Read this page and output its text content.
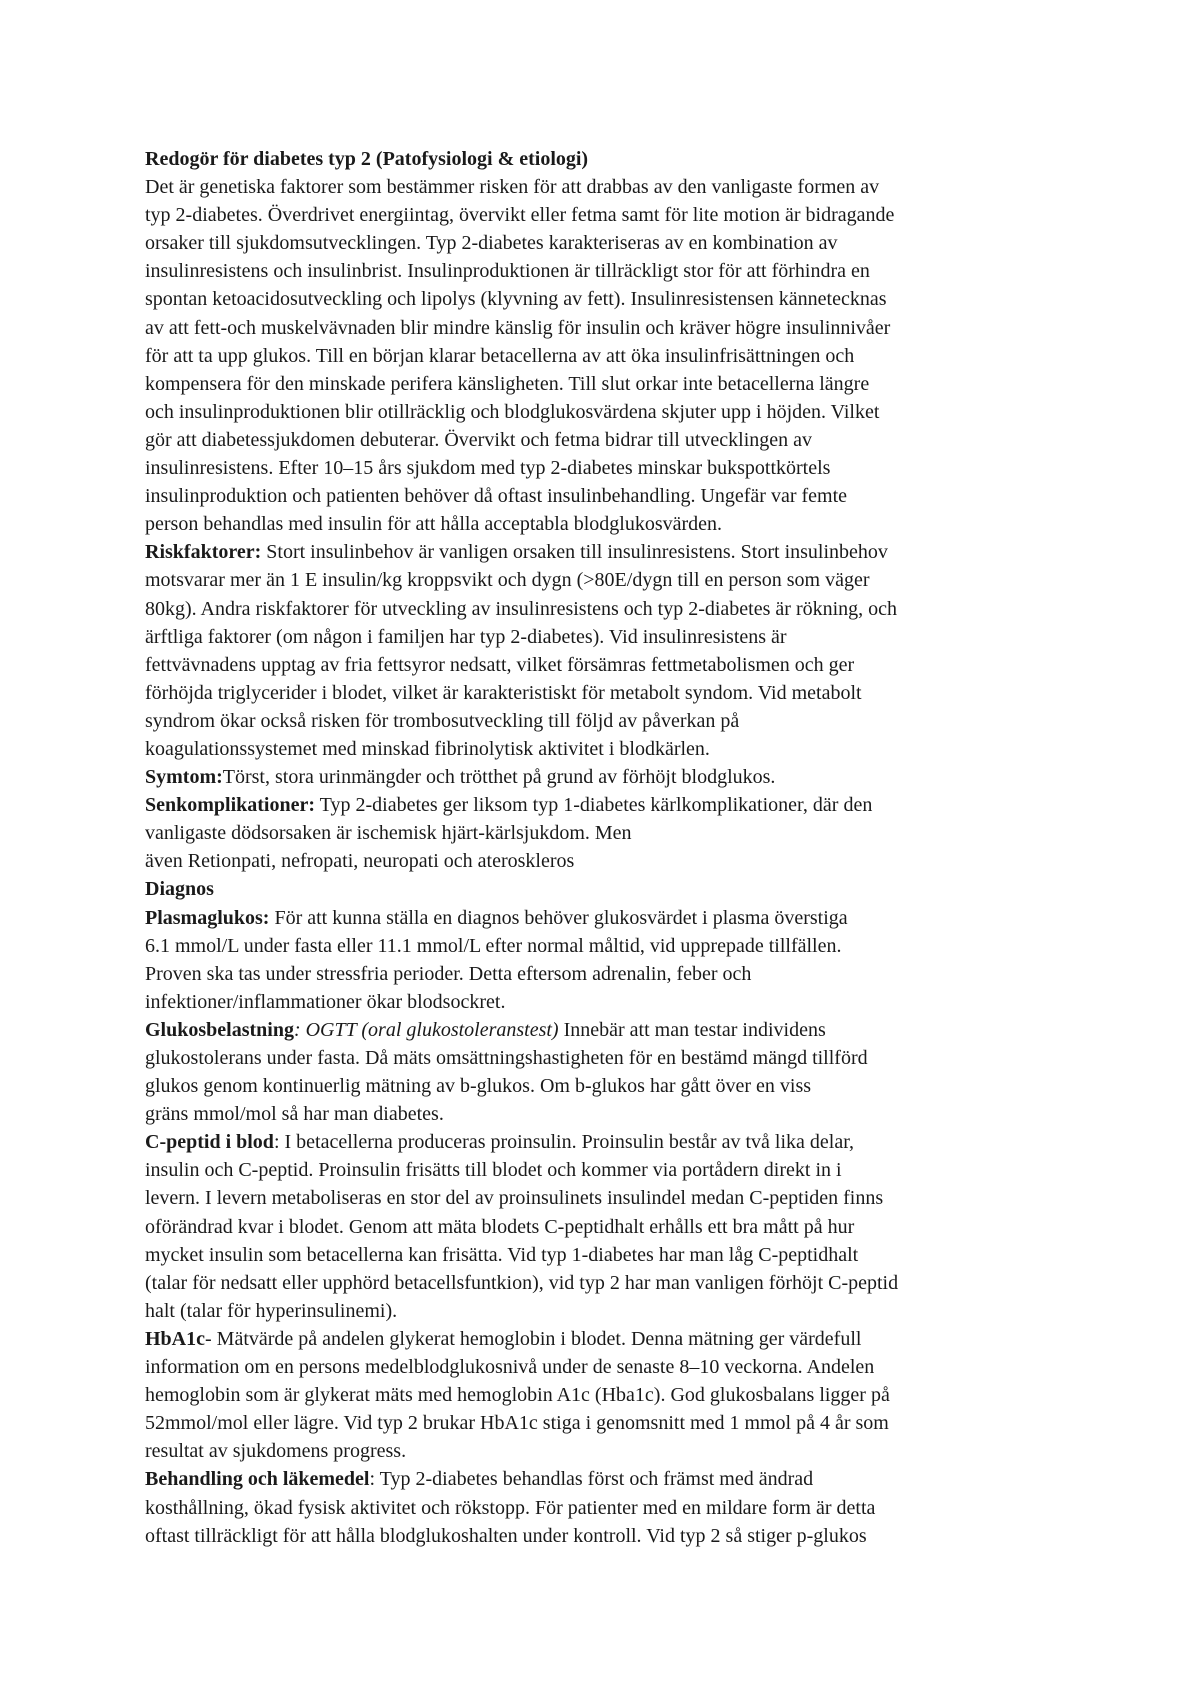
Redogör för diabetes typ 2 (Patofysiologi & etiologi)
Det är genetiska faktorer som bestämmer risken för att drabbas av den vanligaste formen av
typ 2-diabetes. Överdrivet energiintag, övervikt eller fetma samt för lite motion är bidragande
orsaker till sjukdomsutvecklingen. Typ 2-diabetes karakteriseras av en kombination av
insulinresistens och insulinbrist. Insulinproduktionen är tillräckligt stor för att förhindra en
spontan ketoacidosutveckling och lipolys (klyvning av fett). Insulinresistensen kännetecknas
av att fett-och muskelvävnaden blir mindre känslig för insulin och kräver högre insulinnivåer
för att ta upp glukos. Till en början klarar betacellerna av att öka insulinfrisättningen och
kompensera för den minskade perifera känsligheten. Till slut orkar inte betacellerna längre
och insulinproduktionen blir otillräcklig och blodglukosvärdena skjuter upp i höjden. Vilket
gör att diabetessjukdomen debuterar. Övervikt och fetma bidrar till utvecklingen av
insulinresistens. Efter 10–15 års sjukdom med typ 2-diabetes minskar bukspottkörtels
insulinproduktion och patienten behöver då oftast insulinbehandling. Ungefär var femte
person behandlas med insulin för att hålla acceptabla blodglukosvärden.
Riskfaktorer: Stort insulinbehov är vanligen orsaken till insulinresistens. Stort insulinbehov
motsvarar mer än 1 E insulin/kg kroppsvikt och dygn (>80E/dygn till en person som väger
80kg). Andra riskfaktorer för utveckling av insulinresistens och typ 2-diabetes är rökning, och
ärftliga faktorer (om någon i familjen har typ 2-diabetes). Vid insulinresistens är
fettvävnadens upptag av fria fettsyror nedsatt, vilket försämras fettmetabolismen och ger
förhöjda triglycerider i blodet, vilket är karakteristiskt för metabolt syndom. Vid metabolt
syndrom ökar också risken för trombosutveckling till följd av påverkan på
koagulationssystemet med minskad fibrinolytisk aktivitet i blodkärlen.
Symtom:Törst, stora urinmängder och trötthet på grund av förhöjt blodglukos.
Senkomplikationer: Typ 2-diabetes ger liksom typ 1-diabetes kärlkomplikationer, där den
vanligaste dödsorsaken är ischemisk hjärt-kärlsjukdom. Men
även Retionpati, nefropati, neuropati och ateroskleros
Diagnos
Plasmaglukos: För att kunna ställa en diagnos behöver glukosvärdet i plasma överstiga
6.1 mmol/L under fasta eller 11.1 mmol/L efter normal måltid, vid upprepade tillfällen.
Proven ska tas under stressfria perioder. Detta eftersom adrenalin, feber och
infektioner/inflammationer ökar blodsockret.
Glukosbelastning: OGTT (oral glukostoleranstest) Innebär att man testar individens
glukostolerans under fasta. Då mäts omsättningshastigheten för en bestämd mängd tillförd
glukos genom kontinuerlig mätning av b-glukos. Om b-glukos har gått över en viss
gräns mmol/mol så har man diabetes.
C-peptid i blod: I betacellerna produceras proinsulin. Proinsulin består av två lika delar,
insulin och C-peptid. Proinsulin frisätts till blodet och kommer via portådern direkt in i
levern. I levern metaboliseras en stor del av proinsulinets insulindel medan C-peptiden finns
oförändrad kvar i blodet. Genom att mäta blodets C-peptidhalt erhålls ett bra mått på hur
mycket insulin som betacellerna kan frisätta. Vid typ 1-diabetes har man låg C-peptidhalt
(talar för nedsatt eller upphörd betacellsfuntkion), vid typ 2 har man vanligen förhöjt C-peptid
halt (talar för hyperinsulinemi).
HbA1c- Mätvärde på andelen glykerat hemoglobin i blodet. Denna mätning ger värdefull
information om en persons medelblodglukosnivå under de senaste 8–10 veckorna. Andelen
hemoglobin som är glykerat mäts med hemoglobin A1c (Hba1c). God glukosbalans ligger på
52mmol/mol eller lägre. Vid typ 2 brukar HbA1c stiga i genomsnitt med 1 mmol på 4 år som
resultat av sjukdomens progress.
Behandling och läkemedel: Typ 2-diabetes behandlas först och främst med ändrad
kosthållning, ökad fysisk aktivitet och rökstopp. För patienter med en mildare form är detta
oftast tillräckligt för att hålla blodglukoshalten under kontroll. Vid typ 2 så stiger p-glukos
